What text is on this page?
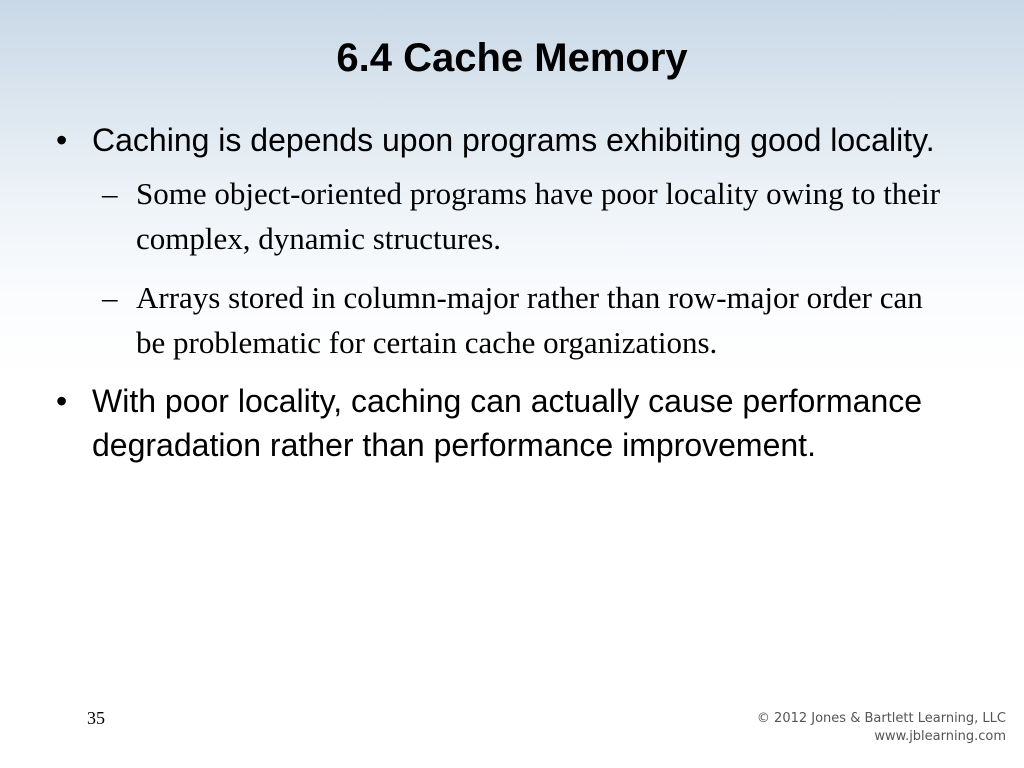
6.4 Cache Memory
• Caching is depends upon programs exhibiting good locality.
– Some object-oriented programs have poor locality owing to their complex, dynamic structures.
– Arrays stored in column-major rather than row-major order can be problematic for certain cache organizations.
• With poor locality, caching can actually cause performance degradation rather than performance improvement.
35	© 2012 Jones & Bartlett Learning, LLC
www.jblearning.com
